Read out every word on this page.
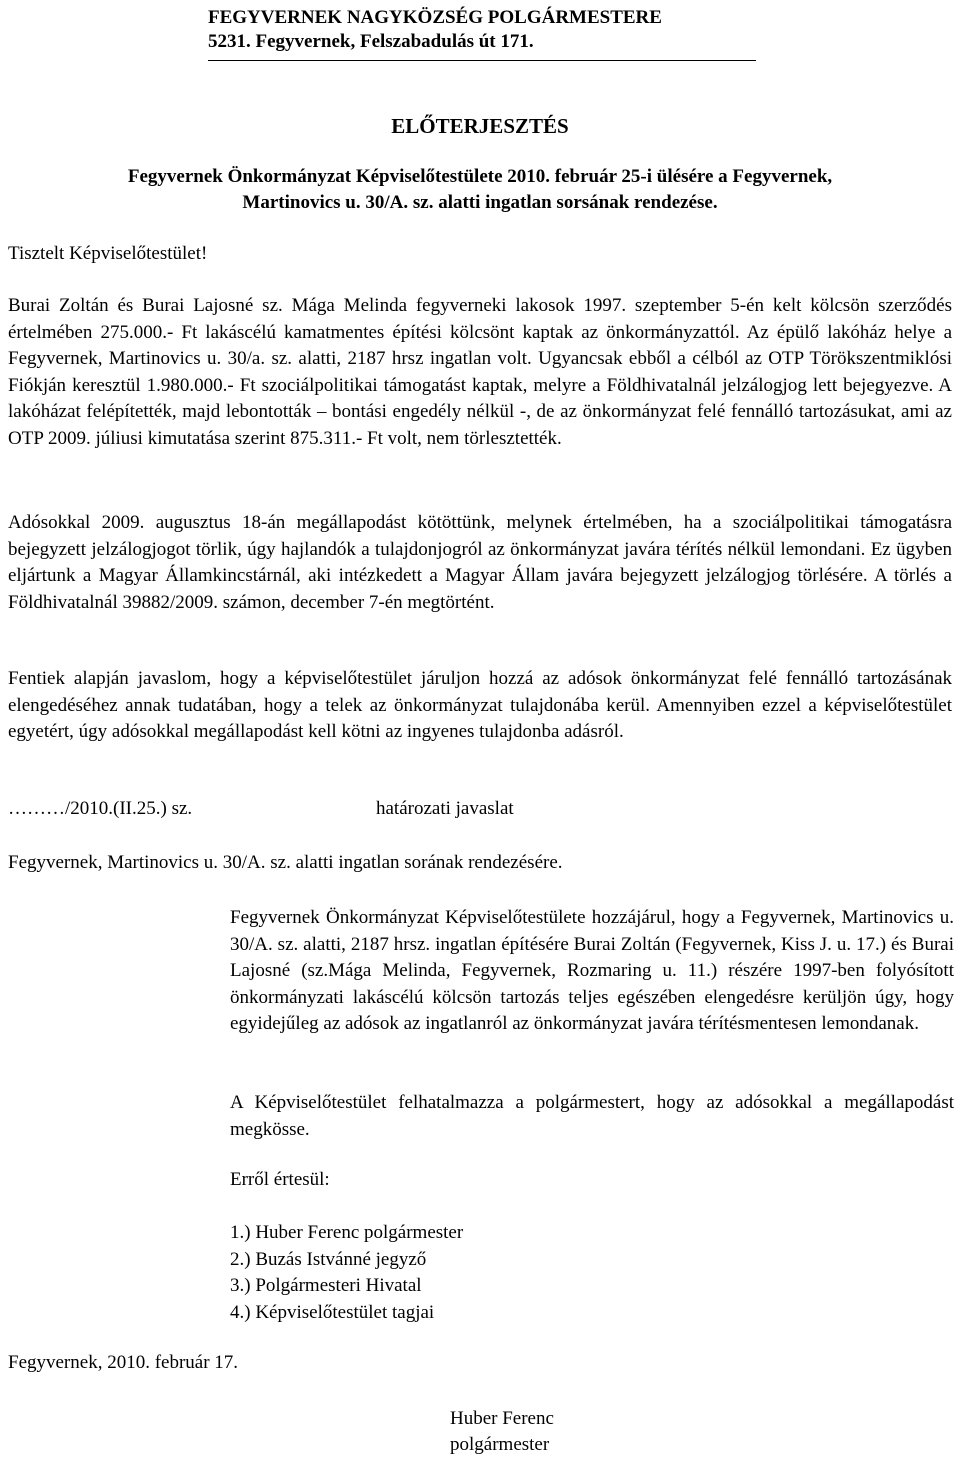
FEGYVERNEK NAGYKÖZSÉG POLGÁRMESTERE
5231. Fegyvernek, Felszabadulás út 171.
ELŐTERJESZTÉS
Fegyvernek Önkormányzat Képviselőtestülete 2010. február 25-i ülésére a Fegyvernek,
Martinovics u. 30/A. sz. alatti ingatlan sorsának rendezése.
Tisztelt Képviselőtestület!
Burai Zoltán és Burai Lajosné sz. Mága Melinda fegyverneki lakosok 1997. szeptember 5-én kelt kölcsön szerződés értelmében 275.000.- Ft lakáscélú kamatmentes építési kölcsönt kaptak az önkormányzattól. Az épülő lakóház helye a Fegyvernek, Martinovics u. 30/a. sz. alatti, 2187 hrsz ingatlan volt. Ugyancsak ebből a célból az OTP Törökszentmiklósi Fiókján keresztül 1.980.000.- Ft szociálpolitikai támogatást kaptak, melyre a Földhivatalnál jelzálogjog lett bejegyezve. A lakóházat felépítették, majd lebontották – bontási engedély nélkül -, de az önkormányzat felé fennálló tartozásukat, ami az OTP 2009. júliusi kimutatása szerint 875.311.- Ft volt, nem törlesztették.
Adósokkal 2009. augusztus 18-án megállapodást kötöttünk, melynek értelmében, ha a szociálpolitikai támogatásra bejegyzett jelzálogjogot törlik, úgy hajlandók a tulajdonjogról az önkormányzat javára térítés nélkül lemondani. Ez ügyben eljártunk a Magyar Államkincstárnál, aki intézkedett a Magyar Állam javára bejegyzett jelzálogjog törlésére. A törlés a Földhivatalnál 39882/2009. számon, december 7-én megtörtént.
Fentiek alapján javaslom, hogy a képviselőtestület járuljon hozzá az adósok önkormányzat felé fennálló tartozásának elengedéséhez annak tudatában, hogy a telek az önkormányzat tulajdonába kerül. Amennyiben ezzel a képviselőtestület egyetért, úgy adósokkal megállapodást kell kötni az ingyenes tulajdonba adásról.
………/2010.(II.25.) sz.	határozati javaslat
Fegyvernek, Martinovics u. 30/A. sz. alatti ingatlan sorának rendezésére.
Fegyvernek Önkormányzat Képviselőtestülete hozzájárul, hogy a Fegyvernek, Martinovics u. 30/A. sz. alatti, 2187 hrsz. ingatlan építésére Burai Zoltán (Fegyvernek, Kiss J. u. 17.) és Burai Lajosné (sz.Mága Melinda, Fegyvernek, Rozmaring u. 11.) részére 1997-ben folyósított önkormányzati lakáscélú kölcsön tartozás teljes egészében elengedésre kerüljön úgy, hogy egyidejűleg az adósok az ingatlanról az önkormányzat javára térítésmentesen lemondanak.
A Képviselőtestület felhatalmazza a polgármestert, hogy az adósokkal a megállapodást megkösse.
Erről értesül:
1.) Huber Ferenc polgármester
2.) Buzás Istvánné jegyző
3.) Polgármesteri Hivatal
4.) Képviselőtestület tagjai
Fegyvernek, 2010. február 17.
Huber Ferenc
polgármester
